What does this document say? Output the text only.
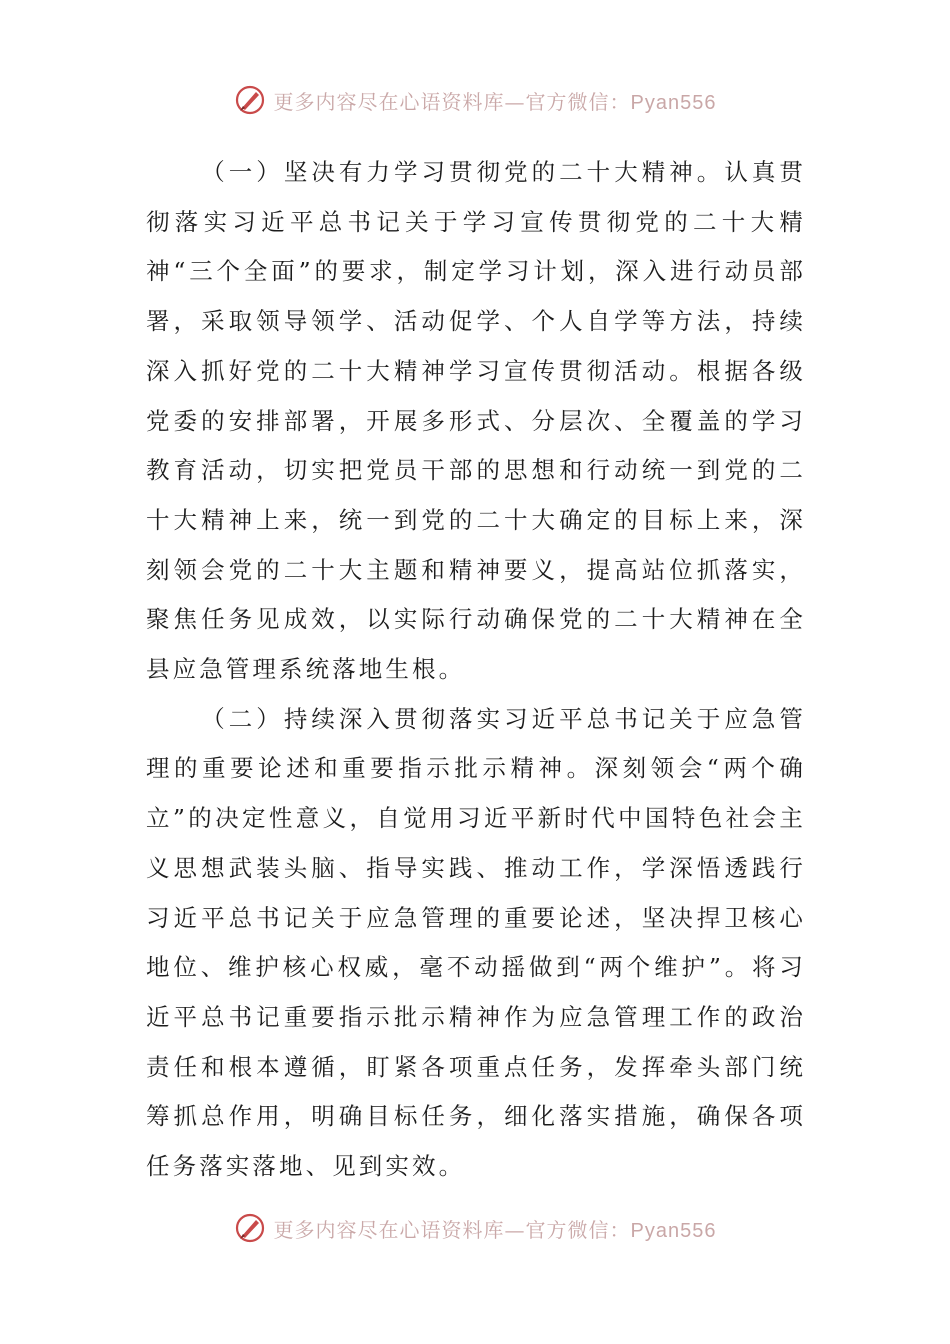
更多内容尽在心语资料库—官方微信：Pyan556

（一）坚决有力学习贯彻党的二十大精神。认真贯彻落实习近平总书记关于学习宣传贯彻党的二十大精神“三个全面”的要求，制定学习计划，深入进行动员部署，采取领导领学、活动促学、个人自学等方法，持续深入抓好党的二十大精神学习宣传贯彻活动。根据各级党委的安排部署，开展多形式、分层次、全覆盖的学习教育活动，切实把党员干部的思想和行动统一到党的二十大精神上来，统一到党的二十大确定的目标上来，深刻领会党的二十大主题和精神要义，提高站位抓落实，聚焦任务见成效，以实际行动确保党的二十大精神在全县应急管理系统落地生根。

（二）持续深入贯彻落实习近平总书记关于应急管理的重要论述和重要指示批示精神。深刻领会“两个确立”的决定性意义，自觉用习近平新时代中国特色社会主义思想武装头脑、指导实践、推动工作，学深悟透践行习近平总书记关于应急管理的重要论述，坚决捍卫核心地位、维护核心权威，毫不动摇做到“两个维护”。将习近平总书记重要指示批示精神作为应急管理工作的政治责任和根本遵循，盯紧各项重点任务，发挥牵头部门统筹抓总作用，明确目标任务，细化落实措施，确保各项任务落实落地、见到实效。

更多内容尽在心语资料库—官方微信：Pyan556
